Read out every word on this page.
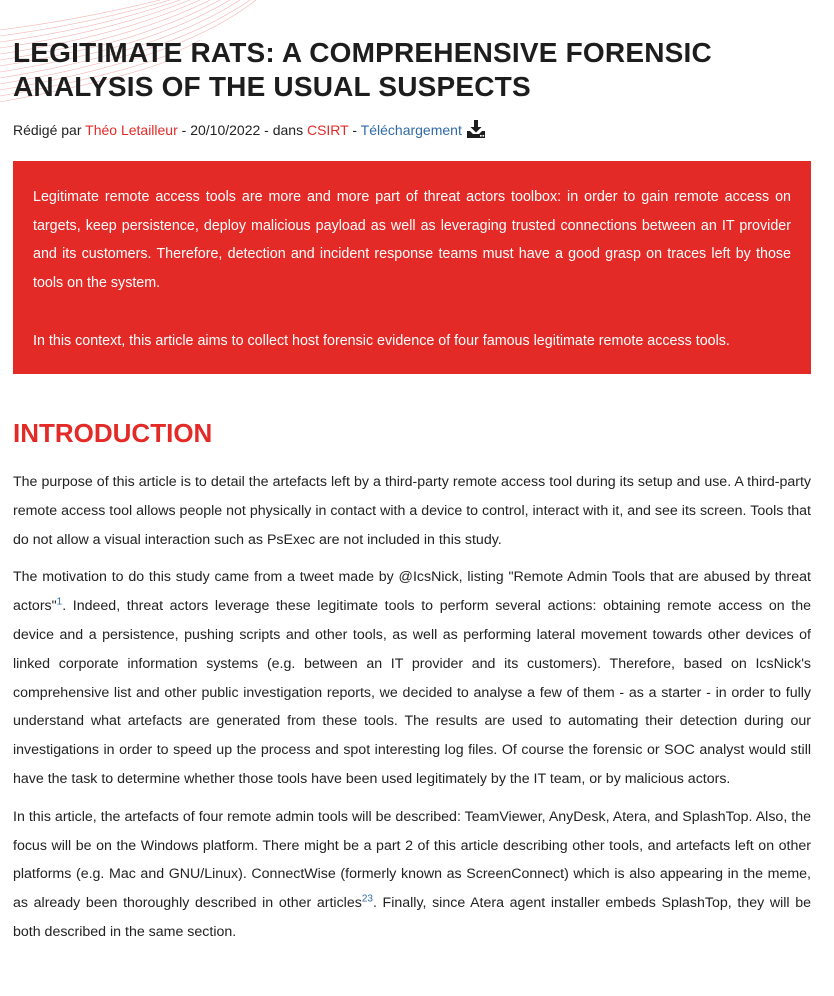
LEGITIMATE RATS: A COMPREHENSIVE FORENSIC ANALYSIS OF THE USUAL SUSPECTS
Rédigé par Théo Letailleur - 20/10/2022 - dans CSIRT - Téléchargement

Legitimate remote access tools are more and more part of threat actors toolbox: in order to gain remote access on targets, keep persistence, deploy malicious payload as well as leveraging trusted connections between an IT provider and its customers. Therefore, detection and incident response teams must have a good grasp on traces left by those tools on the system.

In this context, this article aims to collect host forensic evidence of four famous legitimate remote access tools.

INTRODUCTION

The purpose of this article is to detail the artefacts left by a third-party remote access tool during its setup and use. A third-party remote access tool allows people not physically in contact with a device to control, interact with it, and see its screen. Tools that do not allow a visual interaction such as PsExec are not included in this study.

The motivation to do this study came from a tweet made by @IcsNick, listing "Remote Admin Tools that are abused by threat actors"$^1$. Indeed, threat actors leverage these legitimate tools to perform several actions: obtaining remote access on the device and a persistence, pushing scripts and other tools, as well as performing lateral movement towards other devices of linked corporate information systems (e.g. between an IT provider and its customers). Therefore, based on IcsNick's comprehensive list and other public investigation reports, we decided to analyse a few of them - as a starter - in order to fully understand what artefacts are generated from these tools. The results are used to automating their detection during our investigations in order to speed up the process and spot interesting log files. Of course the forensic or SOC analyst would still have the task to determine whether those tools have been used legitimately by the IT team, or by malicious actors.

In this article, the artefacts of four remote admin tools will be described: TeamViewer, AnyDesk, Atera, and SplashTop. Also, the focus will be on the Windows platform. There might be a part 2 of this article describing other tools, and artefacts left on other platforms (e.g. Mac and GNU/Linux). ConnectWise (formerly known as ScreenConnect) which is also appearing in the meme, as already been thoroughly described in other articles$^{23}$. Finally, since Atera agent installer embeds SplashTop, they will be both described in the same section.
